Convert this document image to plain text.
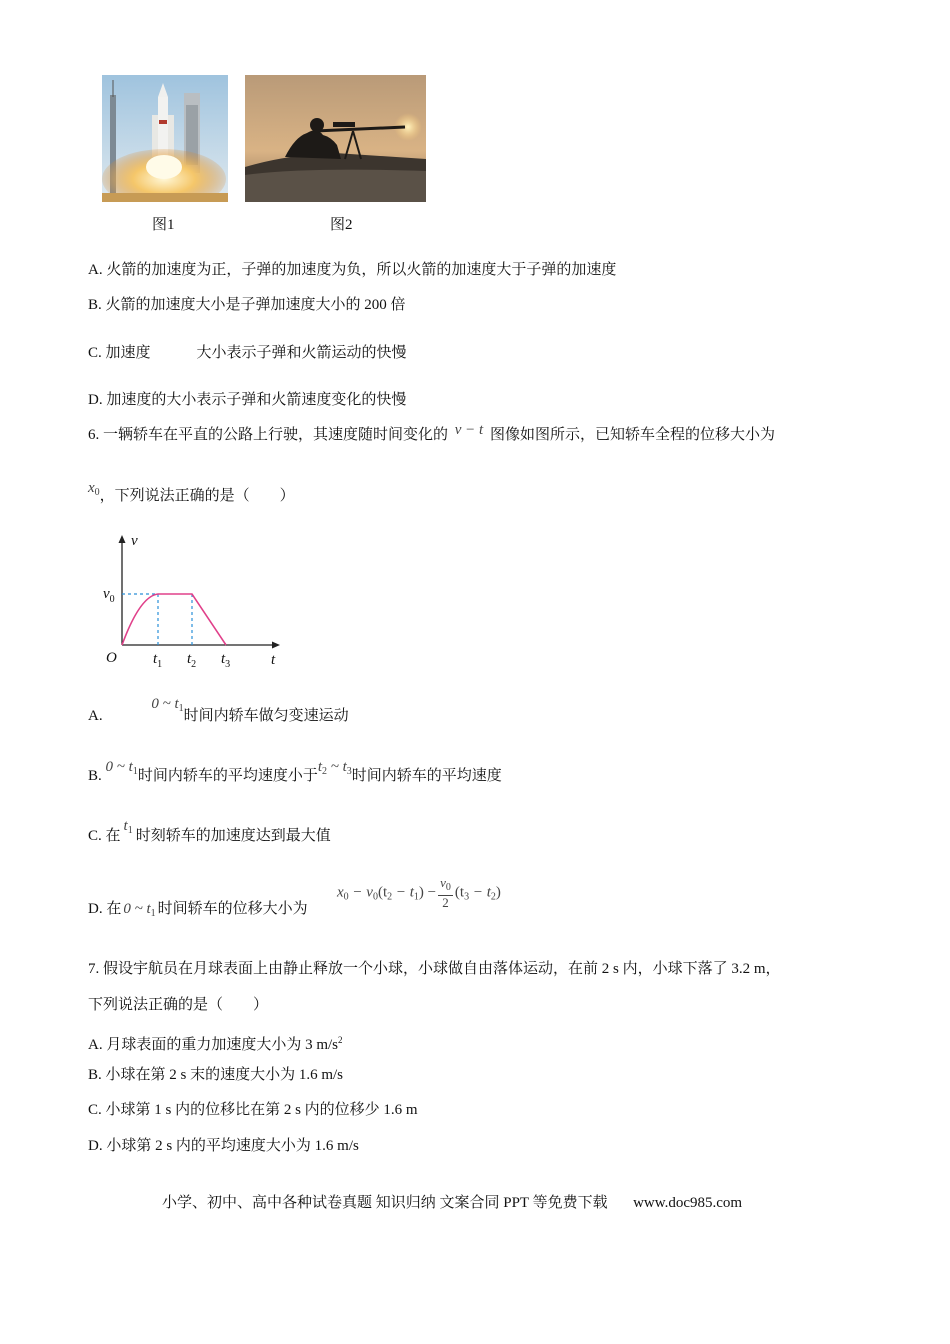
图1	图2
A. 火箭的加速度为正，子弹的加速度为负，所以火箭的加速度大于子弹的加速度
B. 火箭的加速度大小是子弹加速度大小的 200 倍
C. 加速度	大小表示子弹和火箭运动的快慢
D. 加速度的大小表示子弹和火箭速度变化的快慢
6. 一辆轿车在平直的公路上行驶，其速度随时间变化的 v − t 图像如图所示，已知轿车全程的位移大小为
$x_0$，下列说法正确的是（　　）
v
t
O
$v_0$
$t_1$ $t_2$ $t_3$
A. 0 ~ $t_1$时间内轿车做匀变速运动
B. 0 ~ $t_1$时间内轿车的平均速度小于$t_2$ ~ $t_3$时间内轿车的平均速度
C. 在$t_1$ 时刻轿车的加速度达到最大值
D. 在 0 ~ $t_1$ 时间轿车的位移大小为
$x_0 - v_0(t_2 - t_1) - \frac{v_0}{2} (t_3 - t_2)$
7. 假设宇航员在月球表面上由静止释放一个小球，小球做自由落体运动，在前 2 s 内，小球下落了 3.2 m，
下列说法正确的是（　　）
A. 月球表面的重力加速度大小为 3 $m/s^2$
B. 小球在第 2 s 末的速度大小为 1.6 m/s
C. 小球第 1 s 内的位移比在第 2 s 内的位移少 1.6 m
D. 小球第 2 s 内的平均速度大小为 1.6 m/s
小学、初中、高中各种试卷真题 知识归纳 文案合同 PPT 等免费下载 www.doc985.com
